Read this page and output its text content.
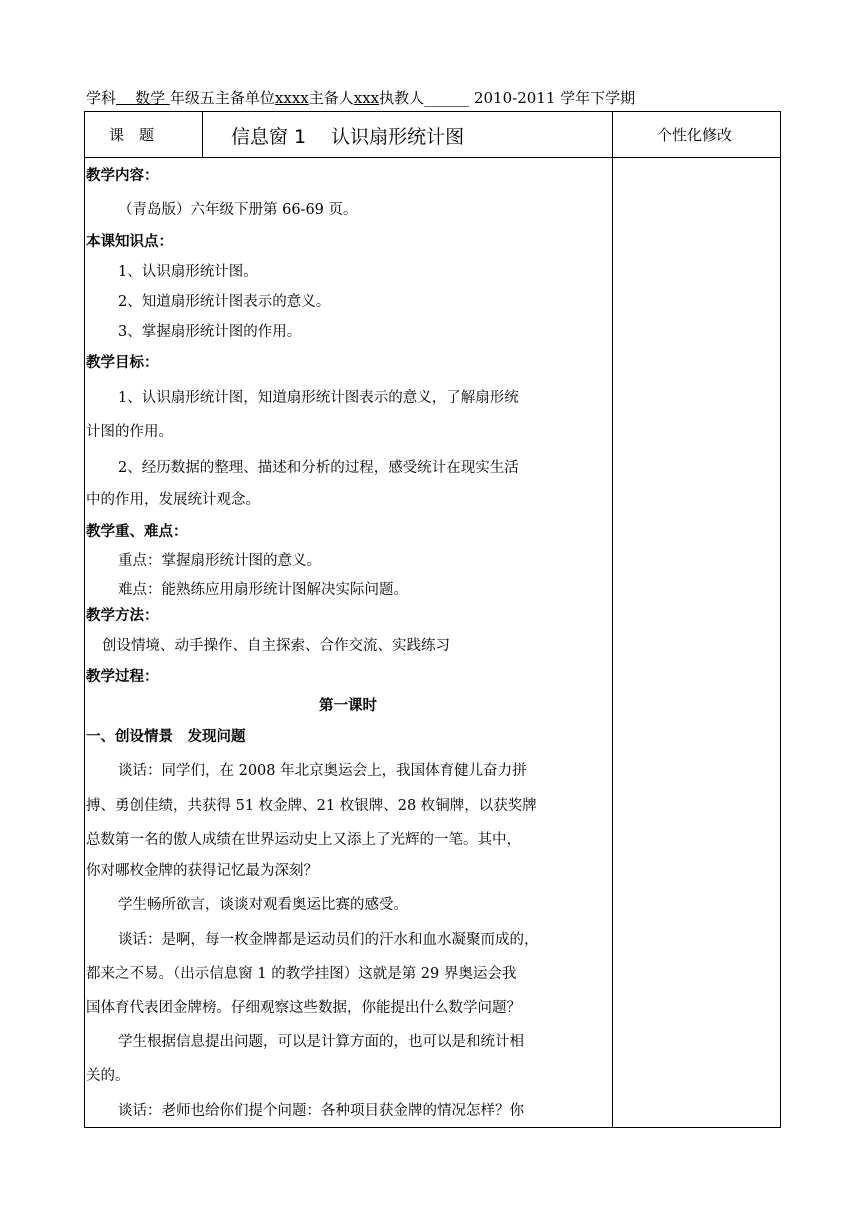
学科 数学 年级五主备单位xxxx主备人xxx执教人______ 2010-2011 学年下学期
课　题	信息窗 1　 认识扇形统计图	个性化修改
教学内容：
（青岛版）六年级下册第 66-69 页。
本课知识点：
1、认识扇形统计图。
2、知道扇形统计图表示的意义。
3、掌握扇形统计图的作用。
教学目标：
1、认识扇形统计图，知道扇形统计图表示的意义，了解扇形统
计图的作用。
2、经历数据的整理、描述和分析的过程，感受统计在现实生活
中的作用，发展统计观念。
教学重、难点：
重点：掌握扇形统计图的意义。
难点：能熟练应用扇形统计图解决实际问题。
教学方法：
创设情境、动手操作、自主探索、合作交流、实践练习
教学过程：
第一课时
一、创设情景　发现问题
谈话：同学们，在 2008 年北京奥运会上，我国体育健儿奋力拼
搏、勇创佳绩，共获得 51 枚金牌、21 枚银牌、28 枚铜牌，以获奖牌
总数第一名的傲人成绩在世界运动史上又添上了光辉的一笔。其中，
你对哪枚金牌的获得记忆最为深刻？
学生畅所欲言，谈谈对观看奥运比赛的感受。
谈话：是啊，每一枚金牌都是运动员们的汗水和血水凝聚而成的，
都来之不易。（出示信息窗 1 的教学挂图）这就是第 29 界奥运会我
国体育代表团金牌榜。仔细观察这些数据，你能提出什么数学问题？
学生根据信息提出问题，可以是计算方面的，也可以是和统计相
关的。
谈话：老师也给你们提个问题：各种项目获金牌的情况怎样？你
